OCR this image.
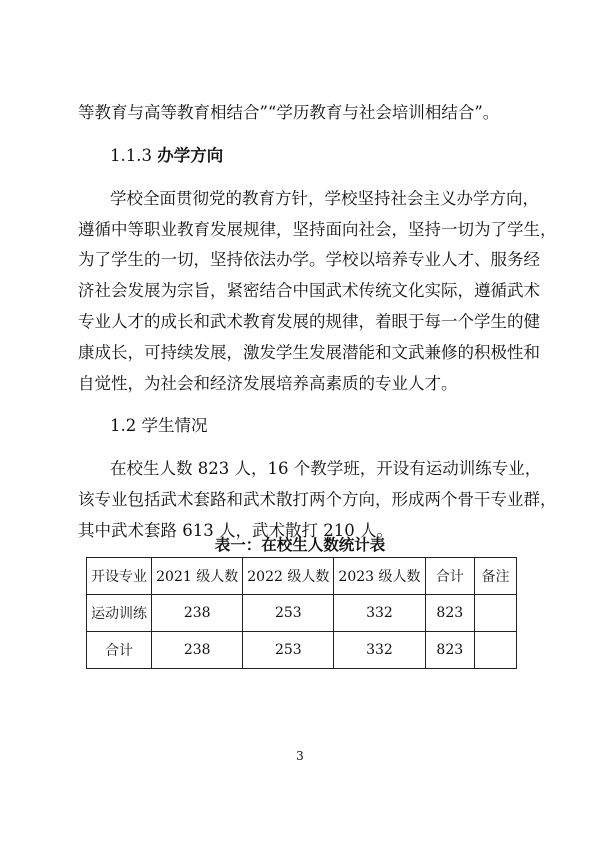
等教育与高等教育相结合”“学历教育与社会培训相结合”。
1.1.3 办学方向
学校全面贯彻党的教育方针，学校坚持社会主义办学方向，
遵循中等职业教育发展规律，坚持面向社会，坚持一切为了学生，
为了学生的一切，坚持依法办学。学校以培养专业人才、服务经
济社会发展为宗旨，紧密结合中国武术传统文化实际，遵循武术
专业人才的成长和武术教育发展的规律，着眼于每一个学生的健
康成长，可持续发展，激发学生发展潜能和文武兼修的积极性和
自觉性，为社会和经济发展培养高素质的专业人才。
1.2 学生情况
在校生人数 823 人，16 个教学班，开设有运动训练专业，
该专业包括武术套路和武术散打两个方向，形成两个骨干专业群，
其中武术套路 613 人，武术散打 210 人。
表一：在校生人数统计表
开设专业	2021 级人数	2022 级人数	2023 级人数	合计	备注
运动训练	238	253	332	823	
合计	238	253	332	823	
3
